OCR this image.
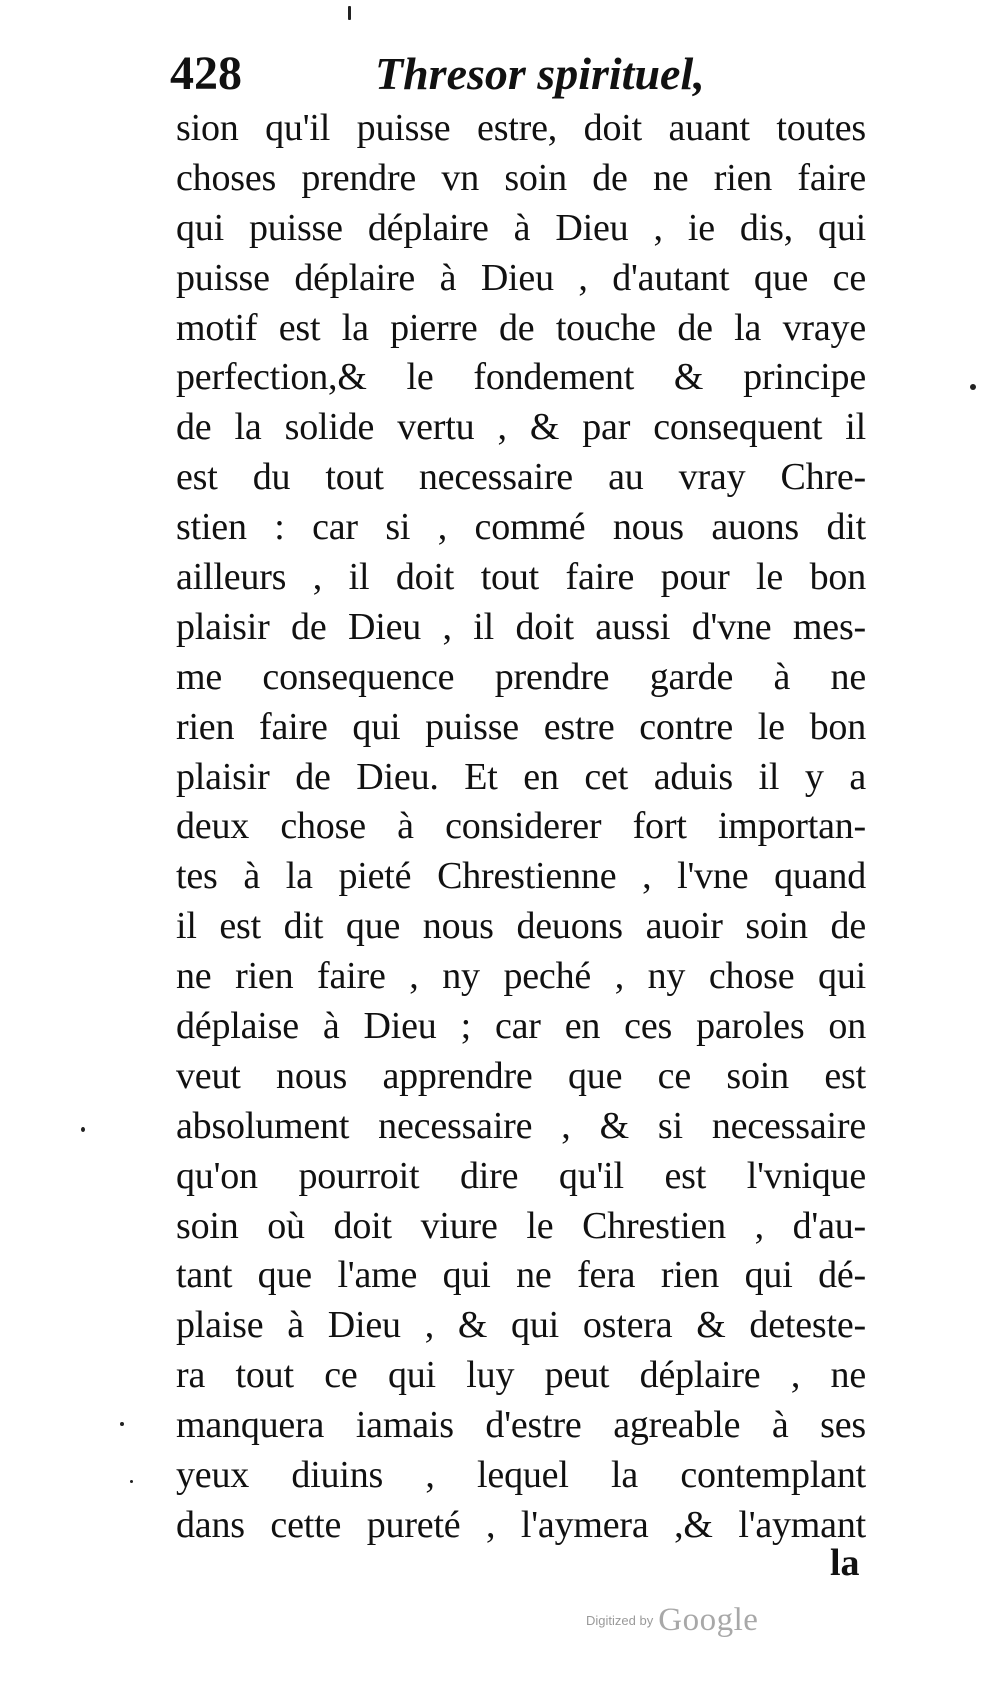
428	Thresor spirituel,
sion qu'il puisse estre, doit auant toutes
choses prendre vn soin de ne rien faire
qui puisse déplaire à Dieu , ie dis, qui
puisse déplaire à Dieu , d'autant que ce
motif est la pierre de touche de la vraye
perfection,& le fondement & principe
de la solide vertu , & par consequent il
est du tout necessaire au vray Chre-
stien : car si , commé nous auons dit
ailleurs , il doit tout faire pour le bon
plaisir de Dieu , il doit aussi d'vne mes-
me consequence prendre garde à ne
rien faire qui puisse estre contre le bon
plaisir de Dieu. Et en cet aduis il y a
deux chose à considerer fort importan-
tes à la pieté Chrestienne , l'vne quand
il est dit que nous deuons auoir soin de
ne rien faire , ny peché , ny chose qui
déplaise à Dieu ; car en ces paroles on
veut nous apprendre que ce soin est
absolument necessaire , & si necessaire
qu'on pourroit dire qu'il est l'vnique
soin où doit viure le Chrestien , d'au-
tant que l'ame qui ne fera rien qui dé-
plaise à Dieu , & qui ostera & deteste-
ra tout ce qui luy peut déplaire , ne
manquera iamais d'estre agreable à ses
yeux diuins , lequel la contemplant
dans cette pureté , l'aymera ,& l'aymant
la
Digitized by Google
